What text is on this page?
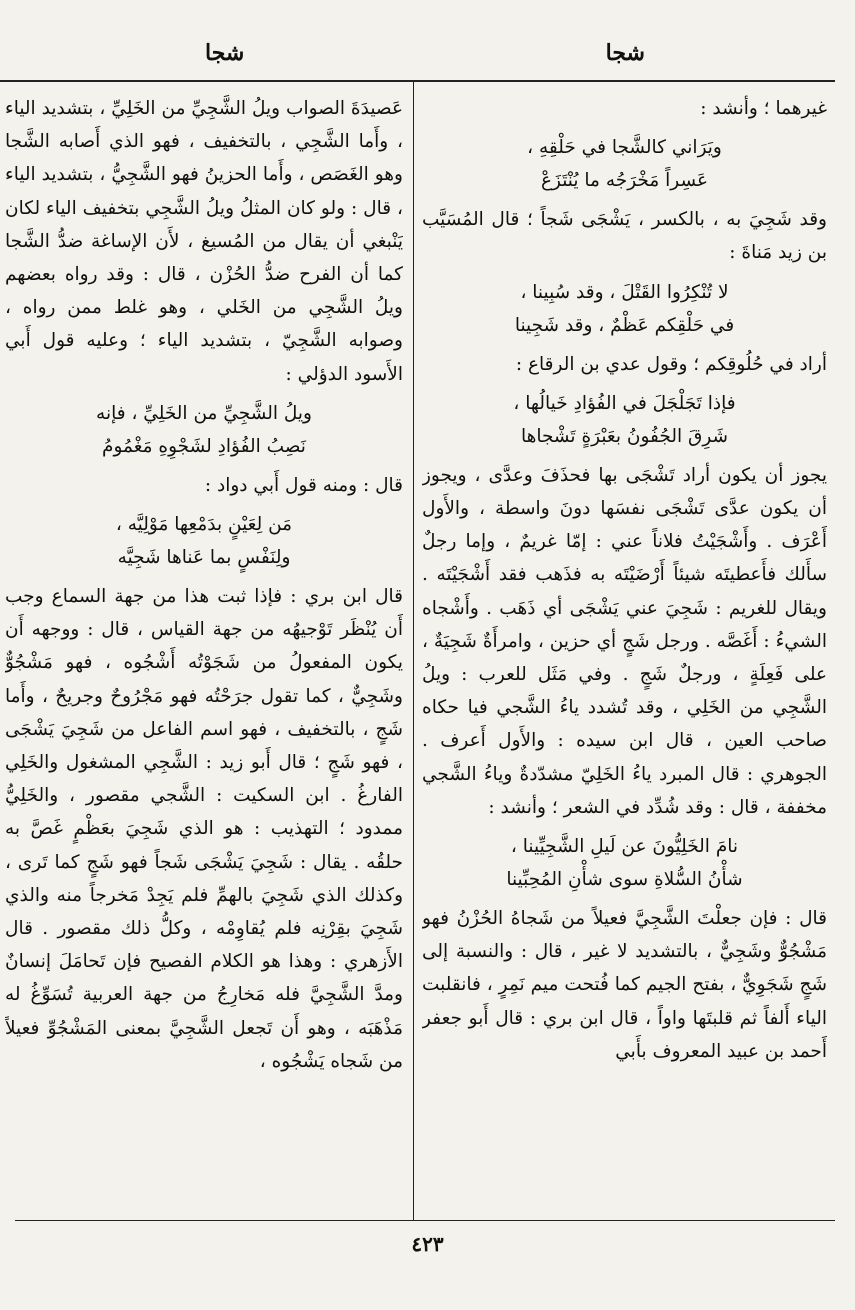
شجا
شجا

غيرهما ؛ وأنشد :

ويَرَاني كالشَّجا في حَلْقِهِ ،
عَسِراً مَخْرَجُه ما يُنْتَزَعْ

وقد شَجِيَ به ، بالكسر ، يَشْجَى شَجاً ؛ قال المُسَيَّب بن زيد مَناةَ :

لا تُنْكِرُوا القَتْلَ ، وقد سُبِينا ،
في حَلْقِكم عَظْمٌ ، وقد شَجِينا

أراد في حُلُوقِكم ؛ وقول عدي بن الرقاع :

فإذا تَجَلْجَلَ في الفُؤادِ خَيالُها ،
شَرِقَ الجُفُونُ بعَبْرَةٍ تَشْجاها

يجوز أن يكون أراد تَشْجَى بها فحذَفَ وعدَّى ، ويجوز أن يكون عدَّى تَشْجَى نفسَها دونَ واسطة ، والأَول أَعْرَف . وأَشْجَيْتُ فلاناً عني : إمّا غريمٌ ، وإما رجلٌ سأَلك فأَعطيتَه شيئاً أَرْضَيْتَه به فذَهب فقد أَشْجَيْتَه . ويقال للغريم : شَجِيَ عني يَشْجَى أي ذَهَب . وأَشْجاه الشيءُ : أَغَصَّه . ورجل شَجٍ أي حزين ، وامرأَةٌ شَجِيَةٌ ، على فَعِلَةٍ ، ورجلٌ شَجٍ . وفي مَثَل للعرب : ويلُ الشَّجِي من الخَلِي ، وقد تُشدد ياءُ الشَّجي فيا حكاه صاحب العين ، قال ابن سيده : والأَول أَعرف . الجوهري : قال المبرد ياءُ الخَلِيّ مشدّدةٌ وياءُ الشَّجي مخففة ، قال : وقد شُدِّد في الشعر ؛ وأنشد :

نامَ الخَلِيُّونَ عن لَيلِ الشَّجِيِّينا ،
شأْنُ السُّلاةِ سوى شأْنِ المُحِبِّينا

قال : فإن جعلْتَ الشَّجِيَّ فعيلاً من شَجاهُ الحُزْنُ فهو مَشْجُوٌّ وشَجِيٌّ ، بالتشديد لا غير ، قال : والنسبة إلى شَجٍ شَجَوِيٌّ ، بفتح الجيم كما فُتحت ميم نَمِرٍ ، فانقلبت الياء أَلفاً ثم قلبتَها واواً ، قال ابن بري : قال أَبو جعفر أَحمد بن عبيد المعروف بأَبي

عَصيدَةَ الصواب ويلُ الشَّجِيِّ من الخَلِيِّ ، بتشديد الياء ، وأَما الشَّجِي ، بالتخفيف ، فهو الذي أَصابه الشَّجا وهو الغَصَص ، وأَما الحزينُ فهو الشَّجِيُّ ، بتشديد الياء ، قال : ولو كان المثلُ ويلُ الشَّجِي بتخفيف الياء لكان يَنْبغي أن يقال من المُسيغ ، لأَن الإساغة ضدُّ الشَّجا كما أن الفرح ضدُّ الحُزْن ، قال : وقد رواه بعضهم ويلُ الشَّجِي من الخَلي ، وهو غلط ممن رواه ، وصوابه الشَّجِيّ ، بتشديد الياء ؛ وعليه قول أَبي الأَسود الدؤلي :

ويلُ الشَّجِيِّ من الخَلِيِّ ، فإنه
نَصِبُ الفُؤادِ لشَجْوِهِ مَغْمُومُ

قال : ومنه قول أَبي دواد :

مَن لِعَيْنٍ بدَمْعِها مَوْلِيَّه ،
ولِنَفْسٍ بما عَناها شَجِيَّه

قال ابن بري : فإذا ثبت هذا من جهة السماع وجب أَن يُنْظَر تَوْجيهُه من جهة القياس ، قال : ووجهه أَن يكون المفعولُ من شَجَوْتُه أَشْجُوه ، فهو مَشْجُوٌّ وشَجِيٌّ ، كما تقول جرَحْتُه فهو مَجْرُوحٌ وجريحٌ ، وأَما شَجٍ ، بالتخفيف ، فهو اسم الفاعل من شَجِيَ يَشْجَى ، فهو شَجٍ ؛ قال أَبو زيد : الشَّجِي المشغول والخَلِي الفارغُ . ابن السكيت : الشَّجي مقصور ، والخَلِيُّ ممدود ؛ التهذيب : هو الذي شَجِيَ بعَظْمٍ غَصَّ به حلقُه . يقال : شَجِيَ يَشْجَى شَجاً فهو شَجٍ كما تَرى ، وكذلك الذي شَجِيَ بالهمِّ فلم يَجِدْ مَخرجاً منه والذي شَجِيَ بقِرْنِه فلم يُقاوِمْه ، وكلُّ ذلك مقصور . قال الأَزهري : وهذا هو الكلام الفصيح فإن تَحامَلَ إنسانٌ ومدَّ الشَّجِيَّ فله مَخارِجُ من جهة العربية تُسَوِّغُ له مَذْهَبَه ، وهو أَن تَجعل الشَّجِيَّ بمعنى المَشْجُوِّ فعيلاً من شَجاه يَشْجُوه ،

٤٢٣
